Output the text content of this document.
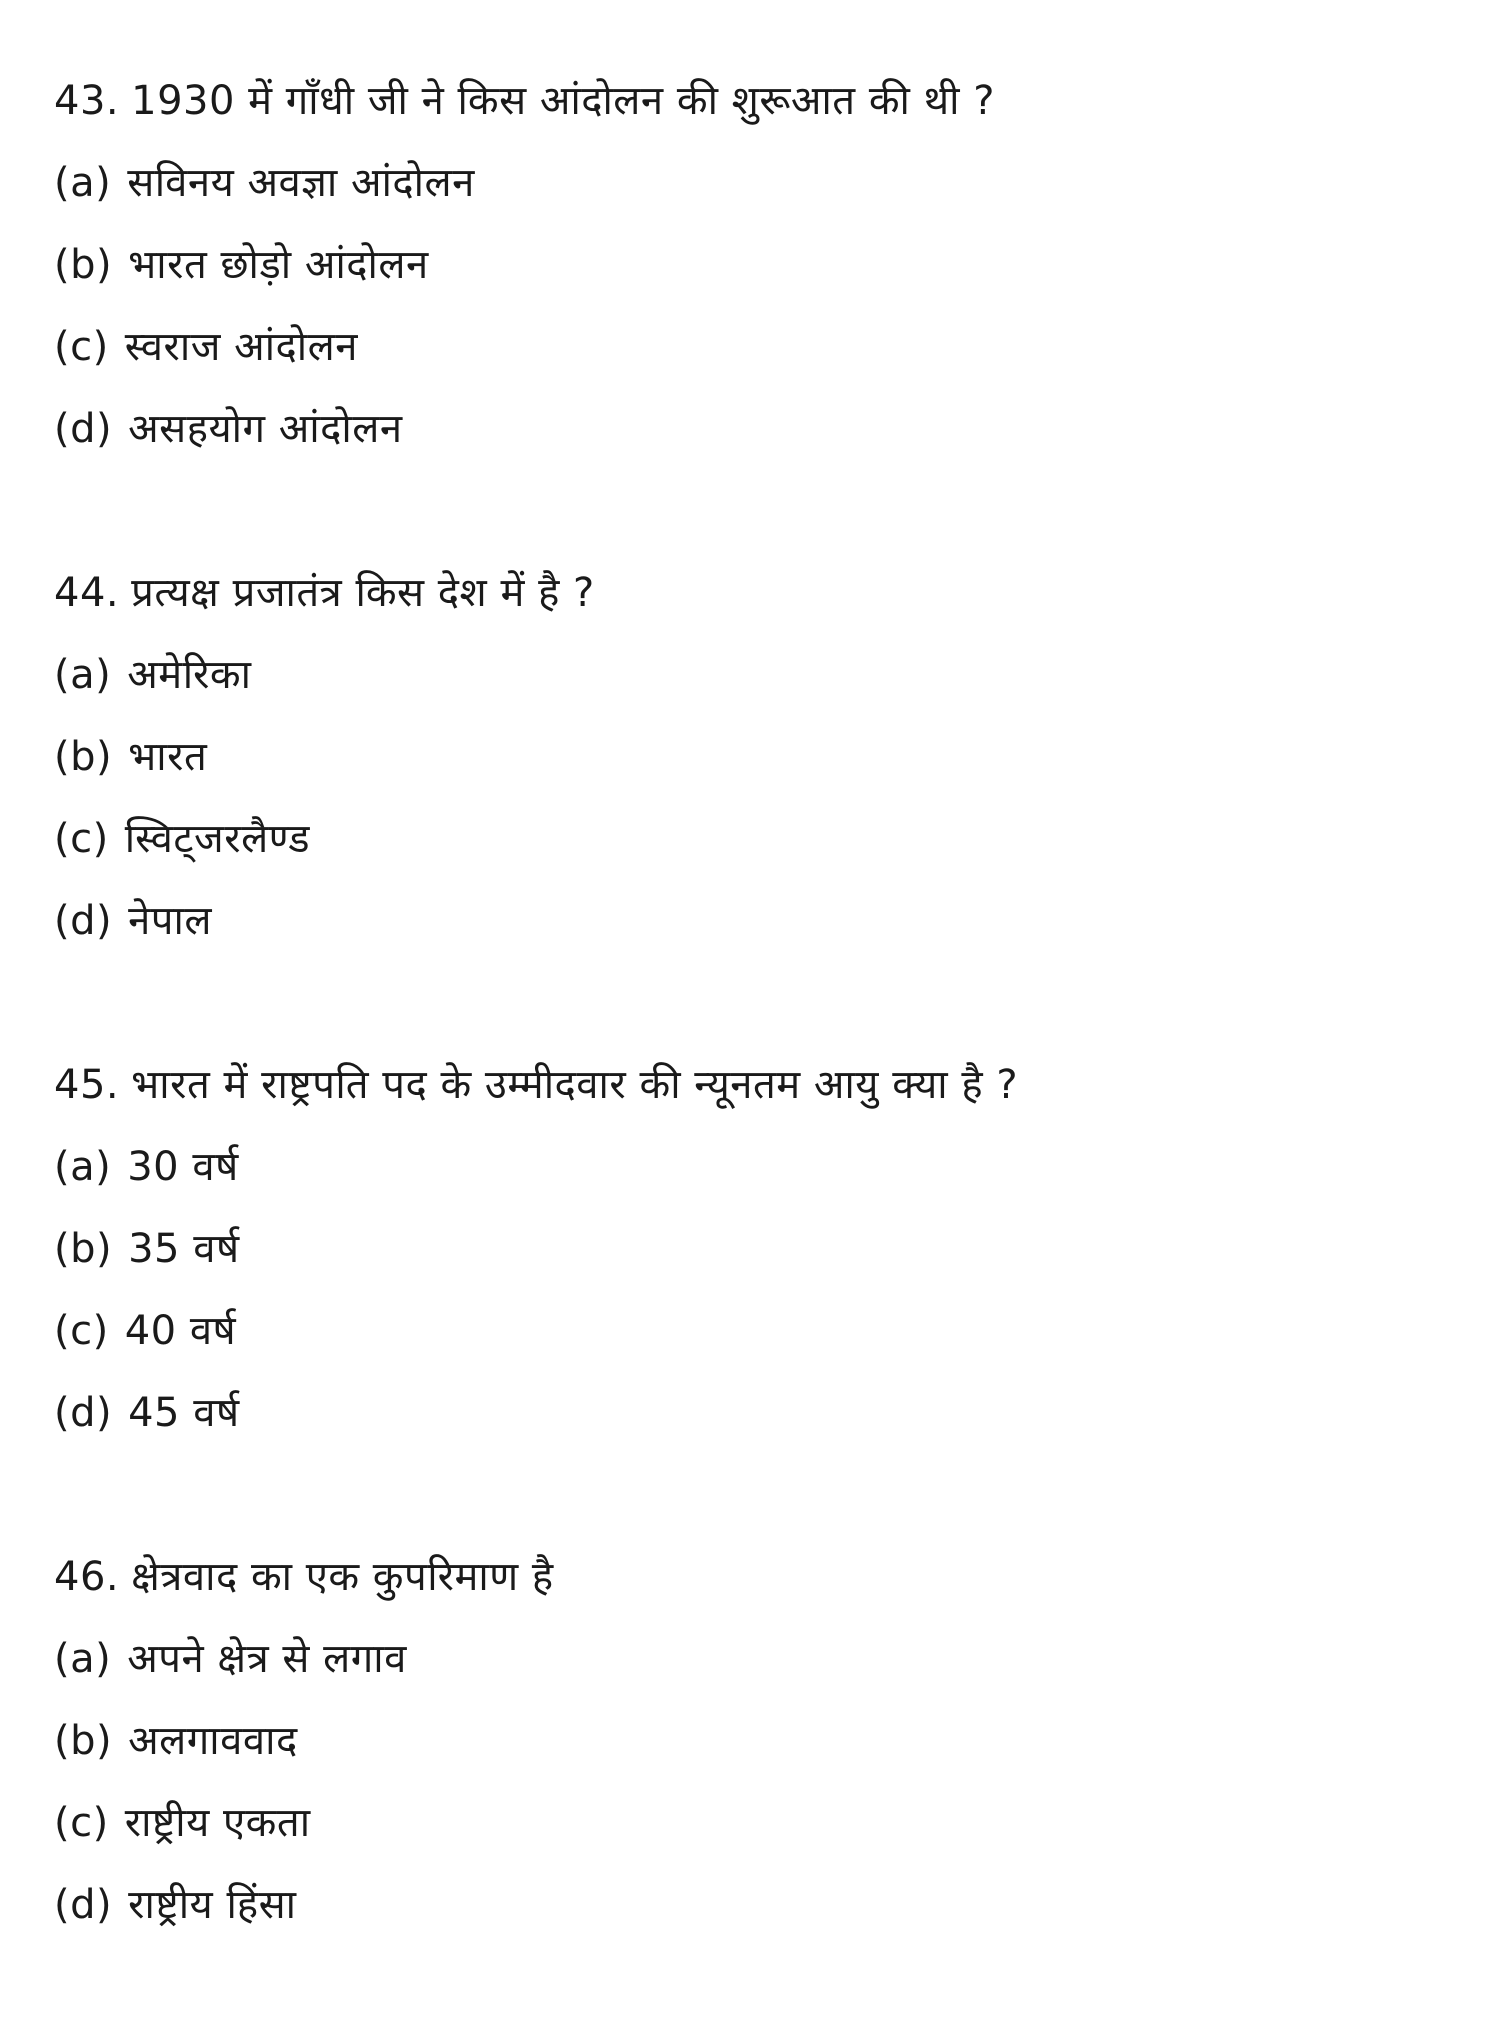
43. 1930 में गाँधी जी ने किस आंदोलन की शुरूआत की थी ?
(a) सविनय अवज्ञा आंदोलन
(b) भारत छोड़ो आंदोलन
(c) स्वराज आंदोलन
(d) असहयोग आंदोलन
44. प्रत्यक्ष प्रजातंत्र किस देश में है ?
(a) अमेरिका
(b) भारत
(c) स्विट्जरलैण्ड
(d) नेपाल
45. भारत में राष्ट्रपति पद के उम्मीदवार की न्यूनतम आयु क्या है ?
(a) 30 वर्ष
(b) 35 वर्ष
(c) 40 वर्ष
(d) 45 वर्ष
46. क्षेत्रवाद का एक कुपरिमाण है
(a) अपने क्षेत्र से लगाव
(b) अलगाववाद
(c) राष्ट्रीय एकता
(d) राष्ट्रीय हिंसा
